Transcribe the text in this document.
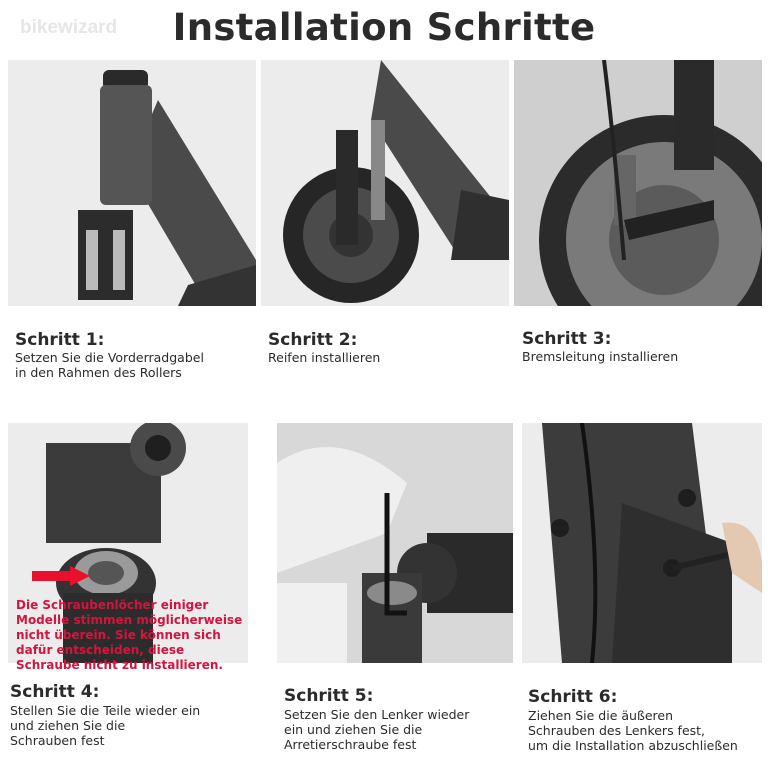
bikewizard	Installation Schritte
Schritt 1:
Setzen Sie die Vorderradgabel
in den Rahmen des Rollers
Schritt 2:
Reifen installieren
Schritt 3:
Bremsleitung installieren
Die Schraubenlöcher einiger
Modelle stimmen möglicherweise
nicht überein. Sie können sich
dafür entscheiden, diese
Schraube nicht zu installieren.
Schritt 4:
Stellen Sie die Teile wieder ein
und ziehen Sie die
Schrauben fest
Schritt 5:
Setzen Sie den Lenker wieder
ein und ziehen Sie die
Arretierschraube fest
Schritt 6:
Ziehen Sie die äußeren
Schrauben des Lenkers fest,
um die Installation abzuschließen
